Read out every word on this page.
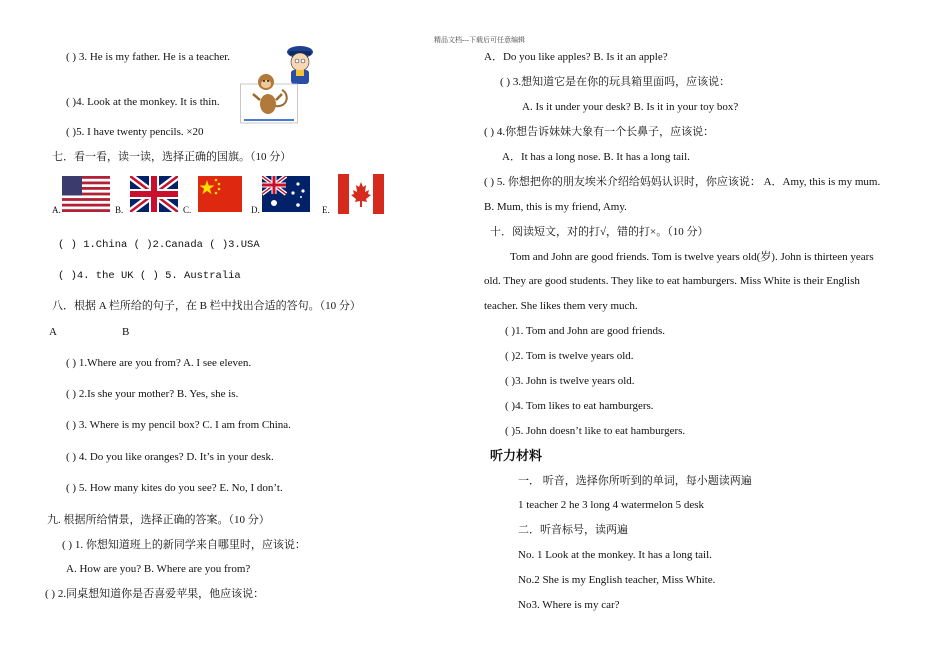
精品文档---下载后可任意编辑
( ) 3. He is my father. He is a teacher.
( )4. Look at the monkey. It is thin.
( )5. I have twenty pencils. ×20
七．看一看，读一读，选择正确的国旗。（10 分）
A.	B.	C.	D.	E.
( ) 1.China ( )2.Canada ( )3.USA
( )4. the UK ( ) 5. Australia
八．根据 A 栏所给的句子，在 B 栏中找出合适的答句。（10 分）
A	B
( ) 1.Where are you from? A. I see eleven.
( ) 2.Is she your mother? B. Yes, she is.
( ) 3. Where is my pencil box? C. I am from China.
( ) 4. Do you like oranges? D. It’s in your desk.
( ) 5. How many kites do you see? E. No, I don’t.
九. 根据所给情景，选择正确的答案。（10 分）
( ) 1. 你想知道班上的新同学来自哪里时，应该说：
A. How are you? B. Where are you from?
( ) 2.同桌想知道你是否喜爱苹果，他应该说：
A．Do you like apples? B. Is it an apple?
( ) 3.想知道它是在你的玩具箱里面吗，应该说：
A. Is it under your desk? B. Is it in your toy box?
( ) 4.你想告诉妹妹大象有一个长鼻子，应该说：
A．It has a long nose. B. It has a long tail.
( ) 5. 你想把你的朋友埃米介绍给妈妈认识时，你应该说： A．Amy, this is my mum.
B. Mum, this is my friend, Amy.
十．阅读短文，对的打√，错的打×。（10 分）
Tom and John are good friends. Tom is twelve years old(岁). John is thirteen years
old. They are good students. They like to eat hamburgers. Miss White is their English
teacher. She likes them very much.
( )1. Tom and John are good friends.
( )2. Tom is twelve years old.
( )3. John is twelve years old.
( )4. Tom likes to eat hamburgers.
( )5. John doesn’t like to eat hamburgers.
听力材料
一． 听音，选择你所听到的单词，每小题读两遍
1 teacher 2 he 3 long 4 watermelon 5 desk
二．听音标号，读两遍
No. 1 Look at the monkey. It has a long tail.
No.2 She is my English teacher, Miss White.
No3. Where is my car?
